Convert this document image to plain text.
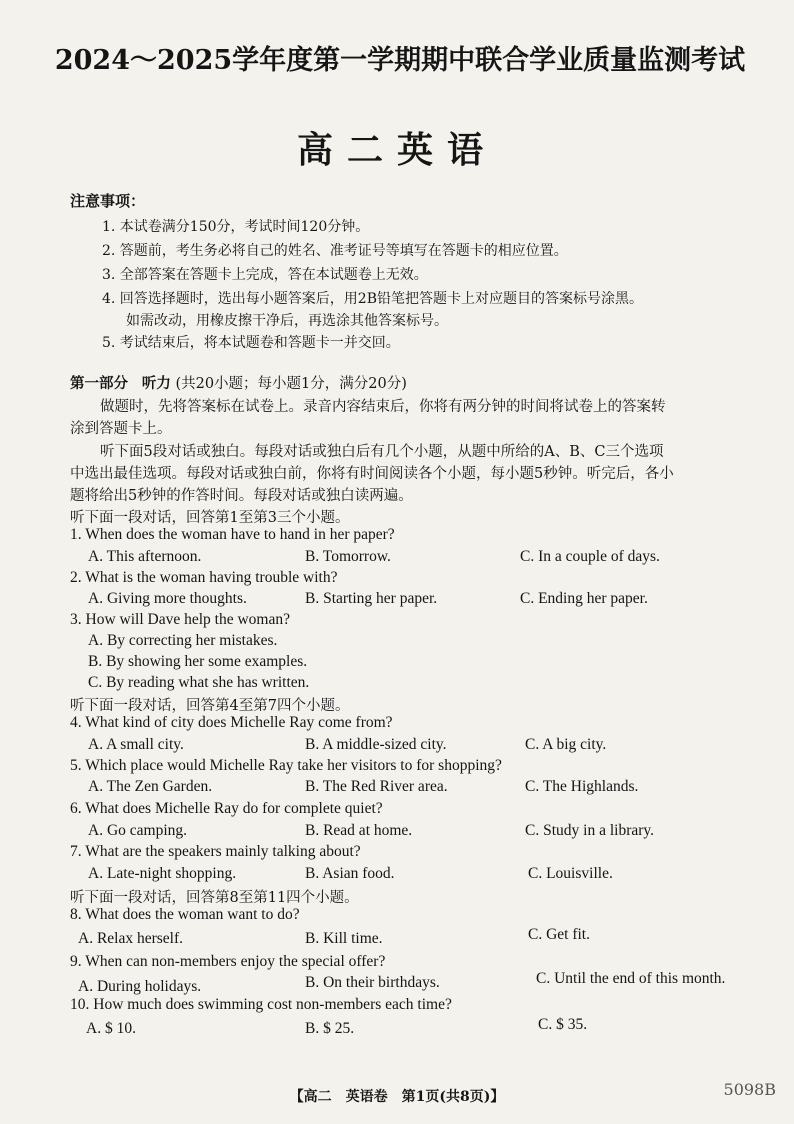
2024～2025学年度第一学期期中联合学业质量监测考试
高二英语
注意事项：
1. 本试卷满分150分，考试时间120分钟。
2. 答题前，考生务必将自己的姓名、准考证号等填写在答题卡的相应位置。
3. 全部答案在答题卡上完成，答在本试题卷上无效。
4. 回答选择题时，选出每小题答案后，用2B铅笔把答题卡上对应题目的答案标号涂黑。
如需改动，用橡皮擦干净后，再选涂其他答案标号。
5. 考试结束后，将本试题卷和答题卡一并交回。
第一部分 听力 (共20小题；每小题1分，满分20分)
做题时，先将答案标在试卷上。录音内容结束后，你将有两分钟的时间将试卷上的答案转
涂到答题卡上。
听下面5段对话或独白。每段对话或独白后有几个小题，从题中所给的A、B、C三个选项
中选出最佳选项。每段对话或独白前，你将有时间阅读各个小题，每小题5秒钟。听完后，各小
题将给出5秒钟的作答时间。每段对话或独白读两遍。
听下面一段对话，回答第1至第3三个小题。
1. When does the woman have to hand in her paper?
A. This afternoon.	B. Tomorrow.	C. In a couple of days.
2. What is the woman having trouble with?
A. Giving more thoughts.	B. Starting her paper.	C. Ending her paper.
3. How will Dave help the woman?
A. By correcting her mistakes.
B. By showing her some examples.
C. By reading what she has written.
听下面一段对话，回答第4至第7四个小题。
4. What kind of city does Michelle Ray come from?
A. A small city.	B. A middle-sized city.	C. A big city.
5. Which place would Michelle Ray take her visitors to for shopping?
A. The Zen Garden.	B. The Red River area.	C. The Highlands.
6. What does Michelle Ray do for complete quiet?
A. Go camping.	B. Read at home.	C. Study in a library.
7. What are the speakers mainly talking about?
A. Late-night shopping.	B. Asian food.	C. Louisville.
听下面一段对话，回答第8至第11四个小题。
8. What does the woman want to do?
A. Relax herself.	B. Kill time.	C. Get fit.
9. When can non-members enjoy the special offer?
A. During holidays.	B. On their birthdays.	C. Until the end of this month.
10. How much does swimming cost non-members each time?
A. $ 10.	B. $ 25.	C. $ 35.
【高二　英语卷　第1页(共8页)】	5098B
